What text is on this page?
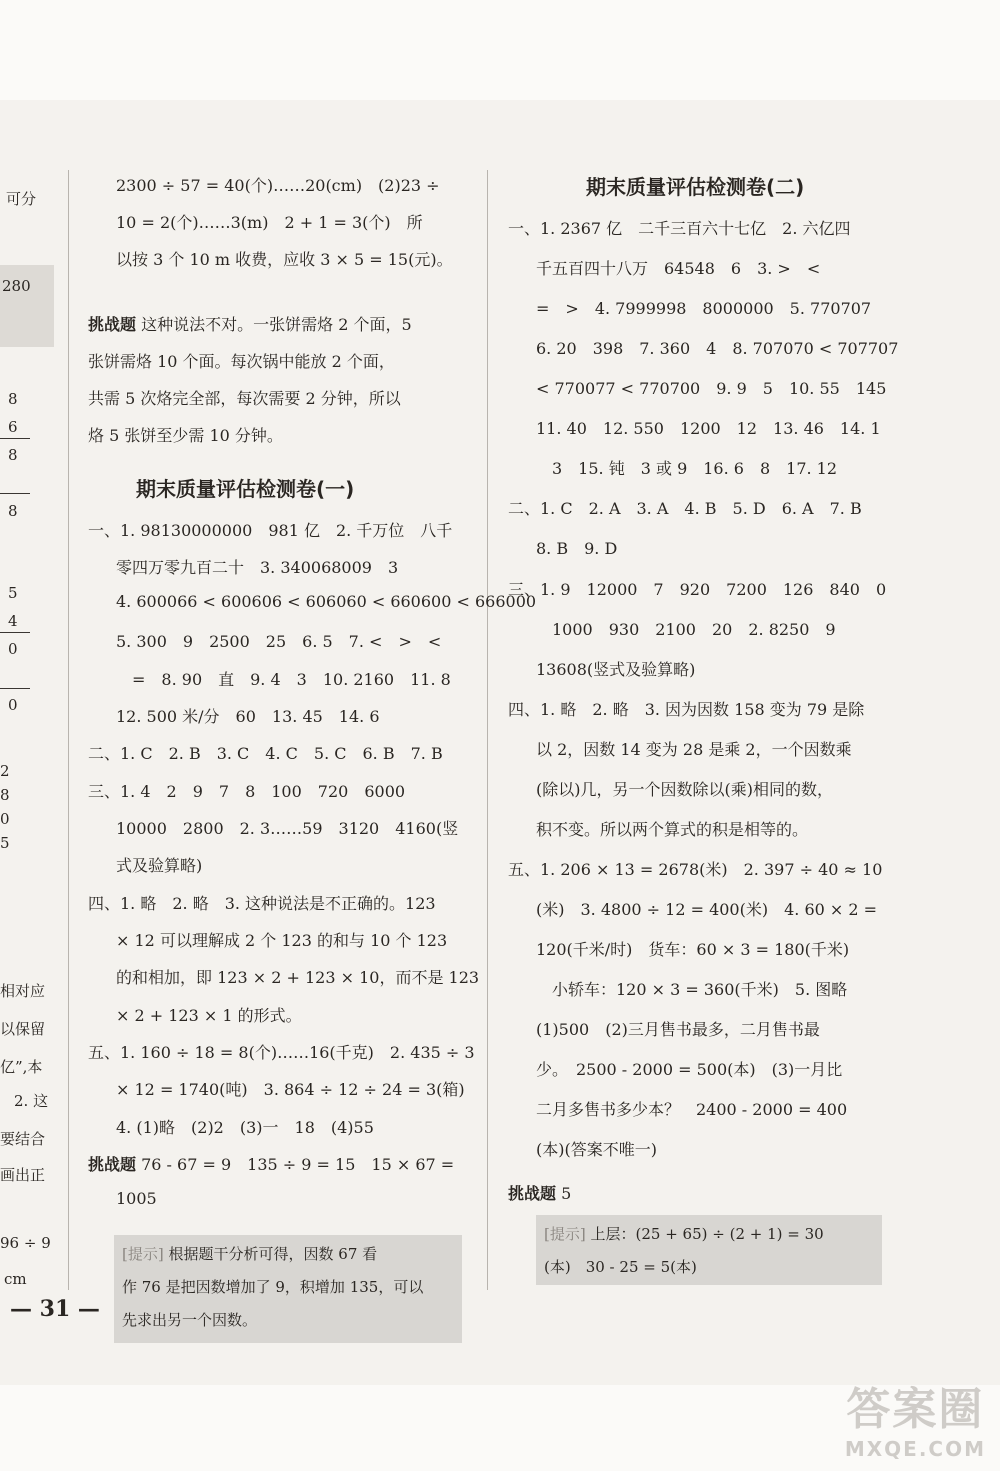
可分
280
8
6
8
8
5
4
0
0
2
8
0
5
相对应
以保留
亿”,本
2. 这
要结合
画出正
96 ÷ 9
cm
2300 ÷ 57 = 40(个)……20(cm)　(2)23 ÷
10 = 2(个)……3(m)　2 + 1 = 3(个)　所
以按 3 个 10 m 收费，应收 3 × 5 = 15(元)。
挑战题 这种说法不对。一张饼需烙 2 个面，5
张饼需烙 10 个面。每次锅中能放 2 个面，
共需 5 次烙完全部，每次需要 2 分钟，所以
烙 5 张饼至少需 10 分钟。
期末质量评估检测卷(一)
一、1. 98130000000　981 亿　2. 千万位　八千
零四万零九百二十　3. 340068009　3
4. 600066 < 600606 < 606060 < 660600 < 666000
5. 300　9　2500　25　6. 5　7. <　>　<
　=　8. 90　直　9. 4　3　10. 2160　11. 8
12. 500 米/分　60　13. 45　14. 6
二、1. C　2. B　3. C　4. C　5. C　6. B　7. B
三、1. 4　2　9　7　8　100　720　6000
10000　2800　2. 3……59　3120　4160(竖
式及验算略)
四、1. 略　2. 略　3. 这种说法是不正确的。123
× 12 可以理解成 2 个 123 的和与 10 个 123
的和相加，即 123 × 2 + 123 × 10，而不是 123
× 2 + 123 × 1 的形式。
五、1. 160 ÷ 18 = 8(个)……16(千克)　2. 435 ÷ 3
× 12 = 1740(吨)　3. 864 ÷ 12 ÷ 24 = 3(箱)
4. (1)略　(2)2　(3)一　18　(4)55
挑战题 76 - 67 = 9　135 ÷ 9 = 15　15 × 67 =
1005
[提示] 根据题干分析可得，因数 67 看
作 76 是把因数增加了 9，积增加 135，可以
先求出另一个因数。
期末质量评估检测卷(二)
一、1. 2367 亿　二千三百六十七亿　2. 六亿四
千五百四十八万　64548　6　3. >　<
=　>　4. 7999998　8000000　5. 770707
6. 20　398　7. 360　4　8. 707070 < 707707
< 770077 < 770700　9. 9　5　10. 55　145
11. 40　12. 550　1200　12　13. 46　14. 1
3　15. 钝　3 或 9　16. 6　8　17. 12
二、1. C　2. A　3. A　4. B　5. D　6. A　7. B
8. B　9. D
三、1. 9　12000　7　920　7200　126　840　0
1000　930　2100　20　2. 8250　9
13608(竖式及验算略)
四、1. 略　2. 略　3. 因为因数 158 变为 79 是除
以 2，因数 14 变为 28 是乘 2，一个因数乘
(除以)几，另一个因数除以(乘)相同的数，
积不变。所以两个算式的积是相等的。
五、1. 206 × 13 = 2678(米)　2. 397 ÷ 40 ≈ 10
(米)　3. 4800 ÷ 12 = 400(米)　4. 60 × 2 =
120(千米/时)　货车：60 × 3 = 180(千米)
小轿车：120 × 3 = 360(千米)　5. 图略
(1)500　(2)三月售书最多，二月售书最
少。　2500 - 2000 = 500(本)　(3)一月比
二月多售书多少本？　2400 - 2000 = 400
(本)(答案不唯一)
挑战题 5
[提示] 上层：(25 + 65) ÷ (2 + 1) = 30
(本)　30 - 25 = 5(本)
— 31 —
答案圈
MXQE.COM
